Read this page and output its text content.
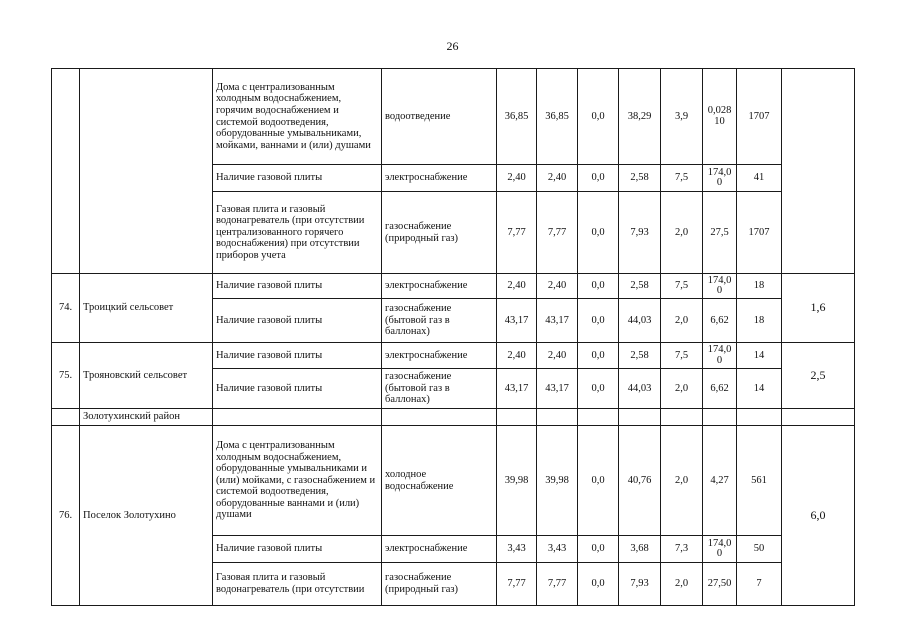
26
		Дома с централизованным холодным водоснабжением, горячим водоснабжением и системой водоотведения, оборудованные умывальниками, мойками, ваннами и (или) душами	водоотведение	36,85	36,85	0,0	38,29	3,9	0,028 10	1707	
		Наличие газовой плиты	электроснабжение	2,40	2,40	0,0	2,58	7,5	174,0 0	41	
		Газовая плита и газовый водонагреватель (при отсутствии централизованного горячего водоснабжения) при отсутствии приборов учета	газоснабжение (природный газ)	7,77	7,77	0,0	7,93	2,0	27,5	1707	
74.	Троицкий сельсовет	Наличие газовой плиты	электроснабжение	2,40	2,40	0,0	2,58	7,5	174,0 0	18	1,6
		Наличие газовой плиты	газоснабжение (бытовой газ в баллонах)	43,17	43,17	0,0	44,03	2,0	6,62	18	
75.	Трояновский сельсовет	Наличие газовой плиты	электроснабжение	2,40	2,40	0,0	2,58	7,5	174,0 0	14	2,5
		Наличие газовой плиты	газоснабжение (бытовой газ в баллонах)	43,17	43,17	0,0	44,03	2,0	6,62	14	
	Золотухинский район										
76.	Поселок Золотухино	Дома с централизованным холодным водоснабжением, оборудованные умывальниками и (или) мойками, с газоснабжением и системой водоотведения, оборудованные ваннами и (или) душами	холодное водоснабжение	39,98	39,98	0,0	40,76	2,0	4,27	561	6,0
		Наличие газовой плиты	электроснабжение	3,43	3,43	0,0	3,68	7,3	174,0 0	50	
		Газовая плита и газовый водонагреватель (при отсутствии	газоснабжение (природный газ)	7,77	7,77	0,0	7,93	2,0	27,50	7	
